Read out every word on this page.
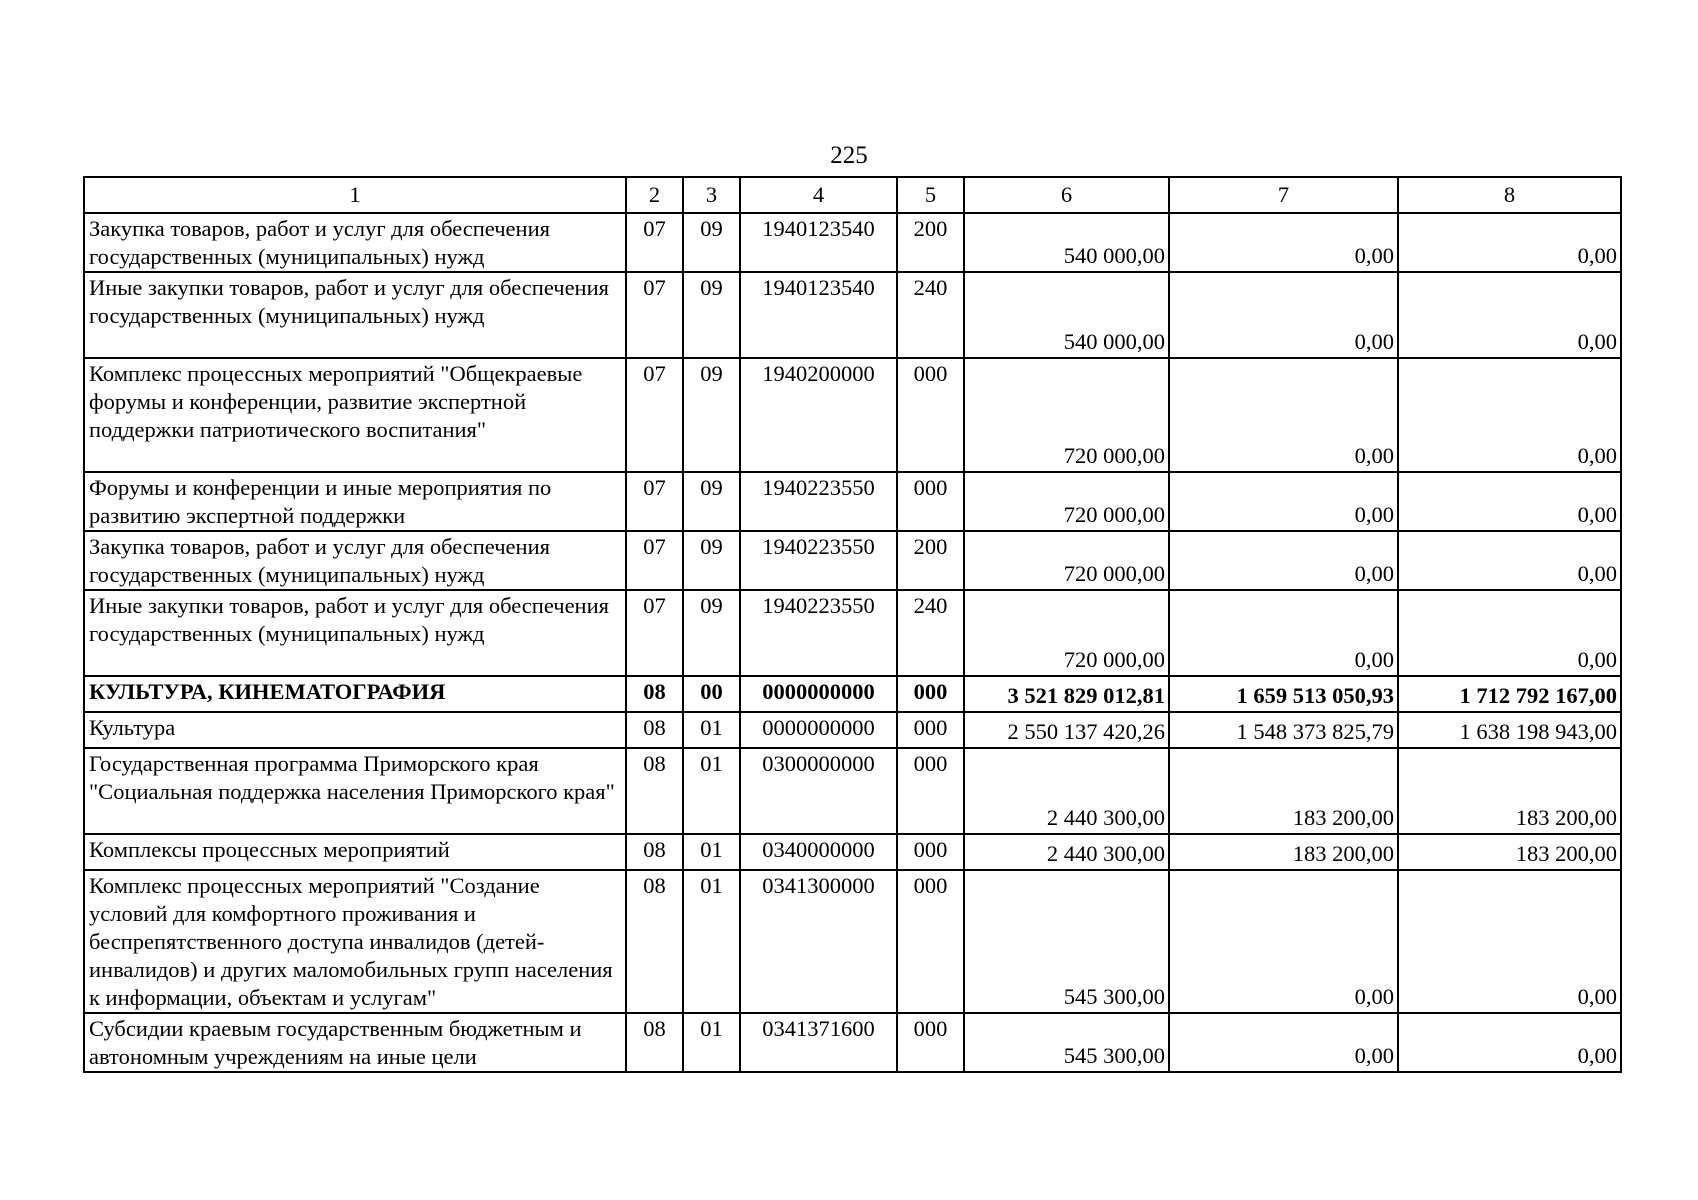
225
1	2	3	4	5	6	7	8
Закупка товаров, работ и услуг для обеспечения государственных (муниципальных) нужд	07	09	1940123540	200	540 000,00	0,00	0,00
Иные закупки товаров, работ и услуг для обеспечения государственных (муниципальных) нужд	07	09	1940123540	240	540 000,00	0,00	0,00
Комплекс процессных мероприятий "Общекраевые форумы и конференции, развитие экспертной поддержки патриотического воспитания"	07	09	1940200000	000	720 000,00	0,00	0,00
Форумы и конференции и иные мероприятия по развитию экспертной поддержки	07	09	1940223550	000	720 000,00	0,00	0,00
Закупка товаров, работ и услуг для обеспечения государственных (муниципальных) нужд	07	09	1940223550	200	720 000,00	0,00	0,00
Иные закупки товаров, работ и услуг для обеспечения государственных (муниципальных) нужд	07	09	1940223550	240	720 000,00	0,00	0,00
КУЛЬТУРА, КИНЕМАТОГРАФИЯ	08	00	0000000000	000	3 521 829 012,81	1 659 513 050,93	1 712 792 167,00
Культура	08	01	0000000000	000	2 550 137 420,26	1 548 373 825,79	1 638 198 943,00
Государственная программа Приморского края "Социальная поддержка населения Приморского края"	08	01	0300000000	000	2 440 300,00	183 200,00	183 200,00
Комплексы процессных мероприятий	08	01	0340000000	000	2 440 300,00	183 200,00	183 200,00
Комплекс процессных мероприятий "Создание условий для комфортного проживания и беспрепятственного доступа инвалидов (детей-инвалидов) и других маломобильных групп населения к информации, объектам и услугам"	08	01	0341300000	000	545 300,00	0,00	0,00
Субсидии краевым государственным бюджетным и автономным учреждениям на иные цели	08	01	0341371600	000	545 300,00	0,00	0,00
